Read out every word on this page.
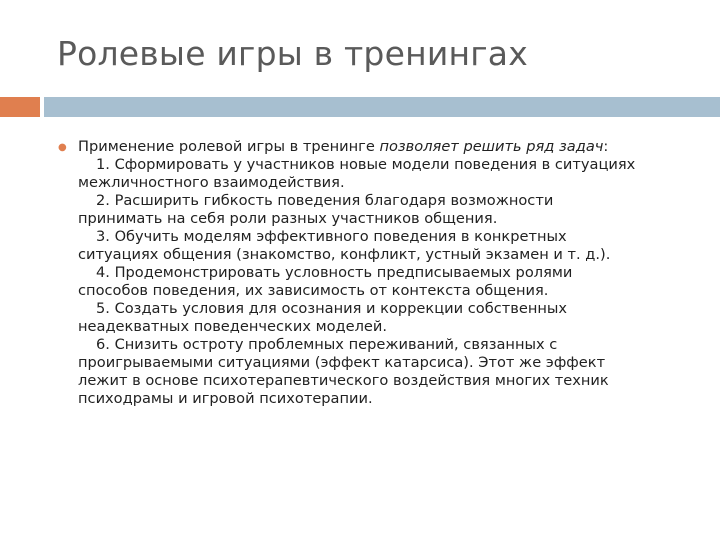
Ролевые игры в тренингах
● Применение ролевой игры в тренинге позволяет решить ряд задач:
1. Сформировать у участников новые модели поведения в ситуациях
межличностного взаимодействия.
2. Расширить гибкость поведения благодаря возможности
принимать на себя роли разных участников общения.
3. Обучить моделям эффективного поведения в конкретных
ситуациях общения (знакомство, конфликт, устный экзамен и т. д.).
4. Продемонстрировать условность предписываемых ролями
способов поведения, их зависимость от контекста общения.
5. Создать условия для осознания и коррекции собственных
неадекватных поведенческих моделей.
6. Снизить остроту проблемных переживаний, связанных с
проигрываемыми ситуациями (эффект катарсиса). Этот же эффект
лежит в основе психотерапевтического воздействия многих техник
психодрамы и игровой психотерапии.
